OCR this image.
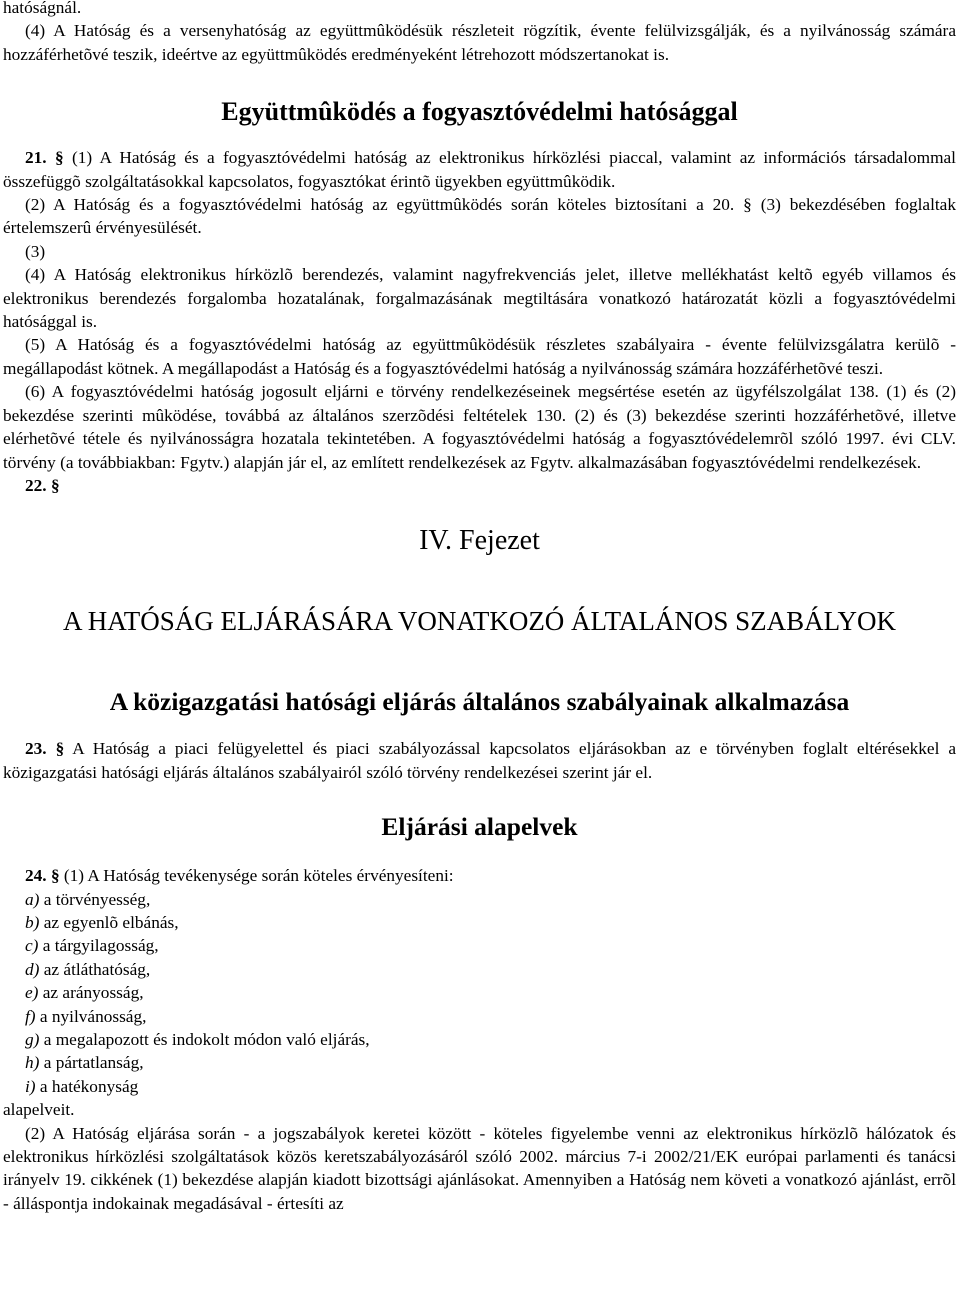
hatóságnál.

(4) A Hatóság és a versenyhatóság az együttmûködésük részleteit rögzítik, évente felülvizsgálják, és a nyilvánosság számára hozzáférhetõvé teszik, ideértve az együttmûködés eredményeként létrehozott módszertanokat is.

Együttmûködés a fogyasztóvédelmi hatósággal

21. § (1) A Hatóság és a fogyasztóvédelmi hatóság az elektronikus hírközlési piaccal, valamint az információs társadalommal összefüggõ szolgáltatásokkal kapcsolatos, fogyasztókat érintõ ügyekben együttmûködik.

(2) A Hatóság és a fogyasztóvédelmi hatóság az együttmûködés során köteles biztosítani a 20. § (3) bekezdésében foglaltak értelemszerû érvényesülését.

(3)

(4) A Hatóság elektronikus hírközlõ berendezés, valamint nagyfrekvenciás jelet, illetve mellékhatást keltõ egyéb villamos és elektronikus berendezés forgalomba hozatalának, forgalmazásának megtiltására vonatkozó határozatát közli a fogyasztóvédelmi hatósággal is.

(5) A Hatóság és a fogyasztóvédelmi hatóság az együttmûködésük részletes szabályaira - évente felülvizsgálatra kerülõ - megállapodást kötnek. A megállapodást a Hatóság és a fogyasztóvédelmi hatóság a nyilvánosság számára hozzáférhetõvé teszi.

(6) A fogyasztóvédelmi hatóság jogosult eljárni e törvény rendelkezéseinek megsértése esetén az ügyfélszolgálat 138. (1) és (2) bekezdése szerinti mûködése, továbbá az általános szerzõdési feltételek 130. (2) és (3) bekezdése szerinti hozzáférhetõvé, illetve elérhetõvé tétele és nyilvánosságra hozatala tekintetében. A fogyasztóvédelmi hatóság a fogyasztóvédelemrõl szóló 1997. évi CLV. törvény (a továbbiakban: Fgytv.) alapján jár el, az említett rendelkezések az Fgytv. alkalmazásában fogyasztóvédelmi rendelkezések.

22. §

IV. Fejezet
A HATÓSÁG ELJÁRÁSÁRA VONATKOZÓ ÁLTALÁNOS SZABÁLYOK
A közigazgatási hatósági eljárás általános szabályainak alkalmazása

23. § A Hatóság a piaci felügyelettel és piaci szabályozással kapcsolatos eljárásokban az e törvényben foglalt eltérésekkel a közigazgatási hatósági eljárás általános szabályairól szóló törvény rendelkezései szerint jár el.

Eljárási alapelvek

24. § (1) A Hatóság tevékenysége során köteles érvényesíteni:

a) a törvényesség,

b) az egyenlõ elbánás,

c) a tárgyilagosság,

d) az átláthatóság,

e) az arányosság,

f) a nyilvánosság,

g) a megalapozott és indokolt módon való eljárás,

h) a pártatlanság,

i) a hatékonyság

alapelveit.

(2) A Hatóság eljárása során - a jogszabályok keretei között - köteles figyelembe venni az elektronikus hírközlõ hálózatok és elektronikus hírközlési szolgáltatások közös keretszabályozásáról szóló 2002. március 7-i 2002/21/EK európai parlamenti és tanácsi irányelv 19. cikkének (1) bekezdése alapján kiadott bizottsági ajánlásokat. Amennyiben a Hatóság nem követi a vonatkozó ajánlást, errõl - álláspontja indokainak megadásával - értesíti az
